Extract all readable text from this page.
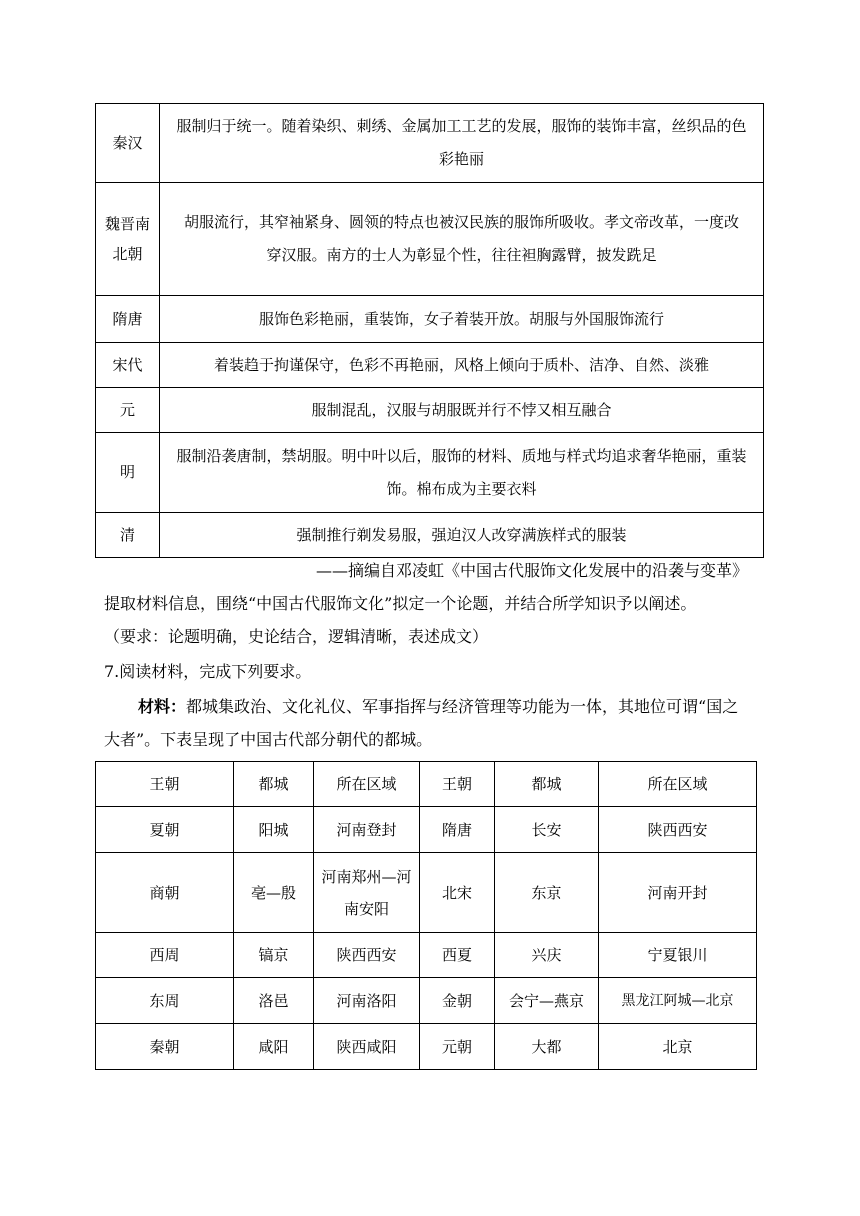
秦汉	服制归于统一。随着染织、刺绣、金属加工工艺的发展，服饰的装饰丰富，丝织品的色彩艳丽
魏晋南北朝	胡服流行，其窄袖紧身、圆领的特点也被汉民族的服饰所吸收。孝文帝改革，一度改穿汉服。南方的士人为彰显个性，往往袒胸露臂，披发跣足
隋唐	服饰色彩艳丽，重装饰，女子着装开放。胡服与外国服饰流行
宋代	着装趋于拘谨保守，色彩不再艳丽，风格上倾向于质朴、洁净、自然、淡雅
元	服制混乱，汉服与胡服既并行不悖又相互融合
明	服制沿袭唐制，禁胡服。明中叶以后，服饰的材料、质地与样式均追求奢华艳丽，重装饰。棉布成为主要衣料
清	强制推行剃发易服，强迫汉人改穿满族样式的服装
——摘编自邓凌虹《中国古代服饰文化发展中的沿袭与变革》
提取材料信息，围绕“中国古代服饰文化”拟定一个论题，并结合所学知识予以阐述。
（要求：论题明确，史论结合，逻辑清晰，表述成文）
7.阅读材料，完成下列要求。
材料：都城集政治、文化礼仪、军事指挥与经济管理等功能为一体，其地位可谓“国之大者”。下表呈现了中国古代部分朝代的都城。
王朝	都城	所在区域	王朝	都城	所在区域
夏朝	阳城	河南登封	隋唐	长安	陕西西安
商朝	亳—殷	河南郑州—河南安阳	北宋	东京	河南开封
西周	镐京	陕西西安	西夏	兴庆	宁夏银川
东周	洛邑	河南洛阳	金朝	会宁—燕京	黑龙江阿城—北京
秦朝	咸阳	陕西咸阳	元朝	大都	北京
